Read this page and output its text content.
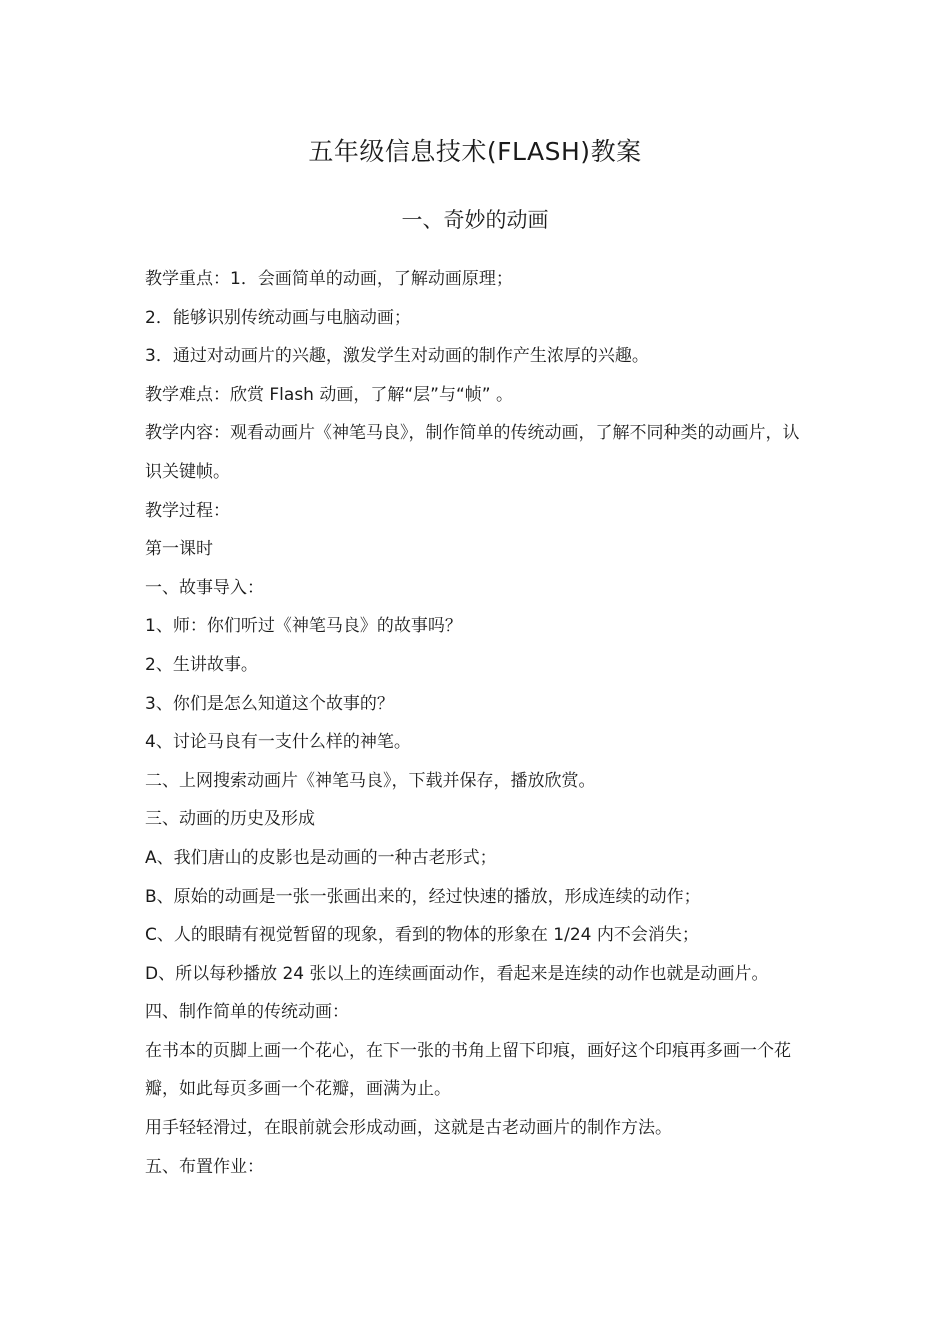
五年级信息技术(FLASH)教案
一、奇妙的动画

教学重点：1．会画简单的动画，了解动画原理；

2．能够识别传统动画与电脑动画；

3．通过对动画片的兴趣，激发学生对动画的制作产生浓厚的兴趣。

教学难点：欣赏 Flash 动画，了解“层”与“帧” 。

教学内容：观看动画片《神笔马良》，制作简单的传统动画，了解不同种类的动画片，认识关键帧。

教学过程：

第一课时

一、故事导入：

1、师：你们听过《神笔马良》的故事吗？

2、生讲故事。

3、你们是怎么知道这个故事的？

4、讨论马良有一支什么样的神笔。

二、上网搜索动画片《神笔马良》，下载并保存，播放欣赏。

三、动画的历史及形成

A、我们唐山的皮影也是动画的一种古老形式；

B、原始的动画是一张一张画出来的，经过快速的播放，形成连续的动作；

C、人的眼睛有视觉暂留的现象，看到的物体的形象在 1/24 内不会消失；

D、所以每秒播放 24 张以上的连续画面动作，看起来是连续的动作也就是动画片。

四、制作简单的传统动画：

在书本的页脚上画一个花心，在下一张的书角上留下印痕，画好这个印痕再多画一个花瓣，如此每页多画一个花瓣，画满为止。

用手轻轻滑过，在眼前就会形成动画，这就是古老动画片的制作方法。

五、布置作业：
